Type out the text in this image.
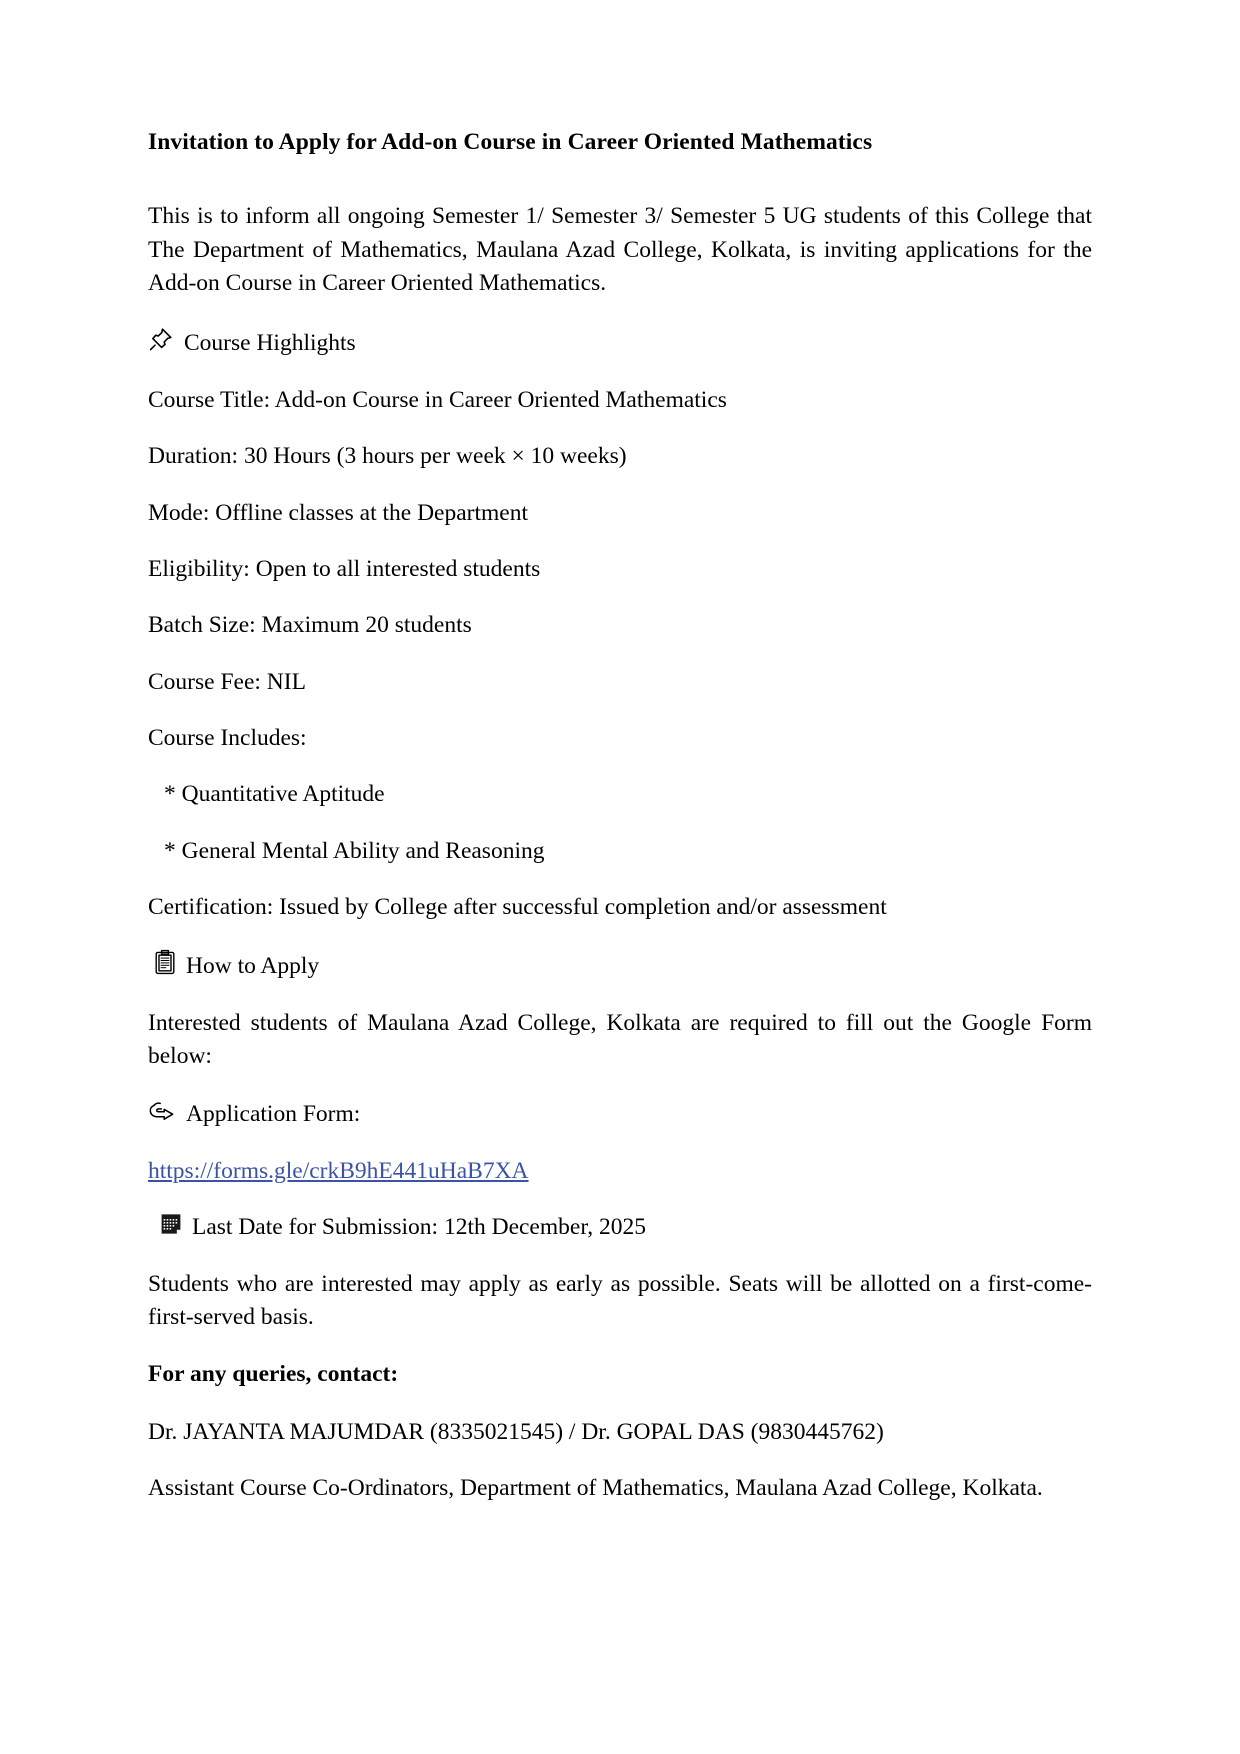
Invitation to Apply for Add-on Course in Career Oriented Mathematics

This is to inform all ongoing Semester 1/ Semester 3/ Semester 5 UG students of this College that The Department of Mathematics, Maulana Azad College, Kolkata, is inviting applications for the Add-on Course in Career Oriented Mathematics.

Course Highlights

Course Title: Add-on Course in Career Oriented Mathematics

Duration: 30 Hours (3 hours per week × 10 weeks)

Mode: Offline classes at the Department

Eligibility: Open to all interested students

Batch Size: Maximum 20 students

Course Fee: NIL

Course Includes:

* Quantitative Aptitude

* General Mental Ability and Reasoning

Certification: Issued by College after successful completion and/or assessment

How to Apply

Interested students of Maulana Azad College, Kolkata are required to fill out the Google Form below:

Application Form:

https://forms.gle/crkB9hE441uHaB7XA

Last Date for Submission: 12th December, 2025

Students who are interested may apply as early as possible. Seats will be allotted on a first-come-first-served basis.

For any queries, contact:

Dr. JAYANTA MAJUMDAR (8335021545) / Dr. GOPAL DAS (9830445762)

Assistant Course Co-Ordinators, Department of Mathematics, Maulana Azad College, Kolkata.
